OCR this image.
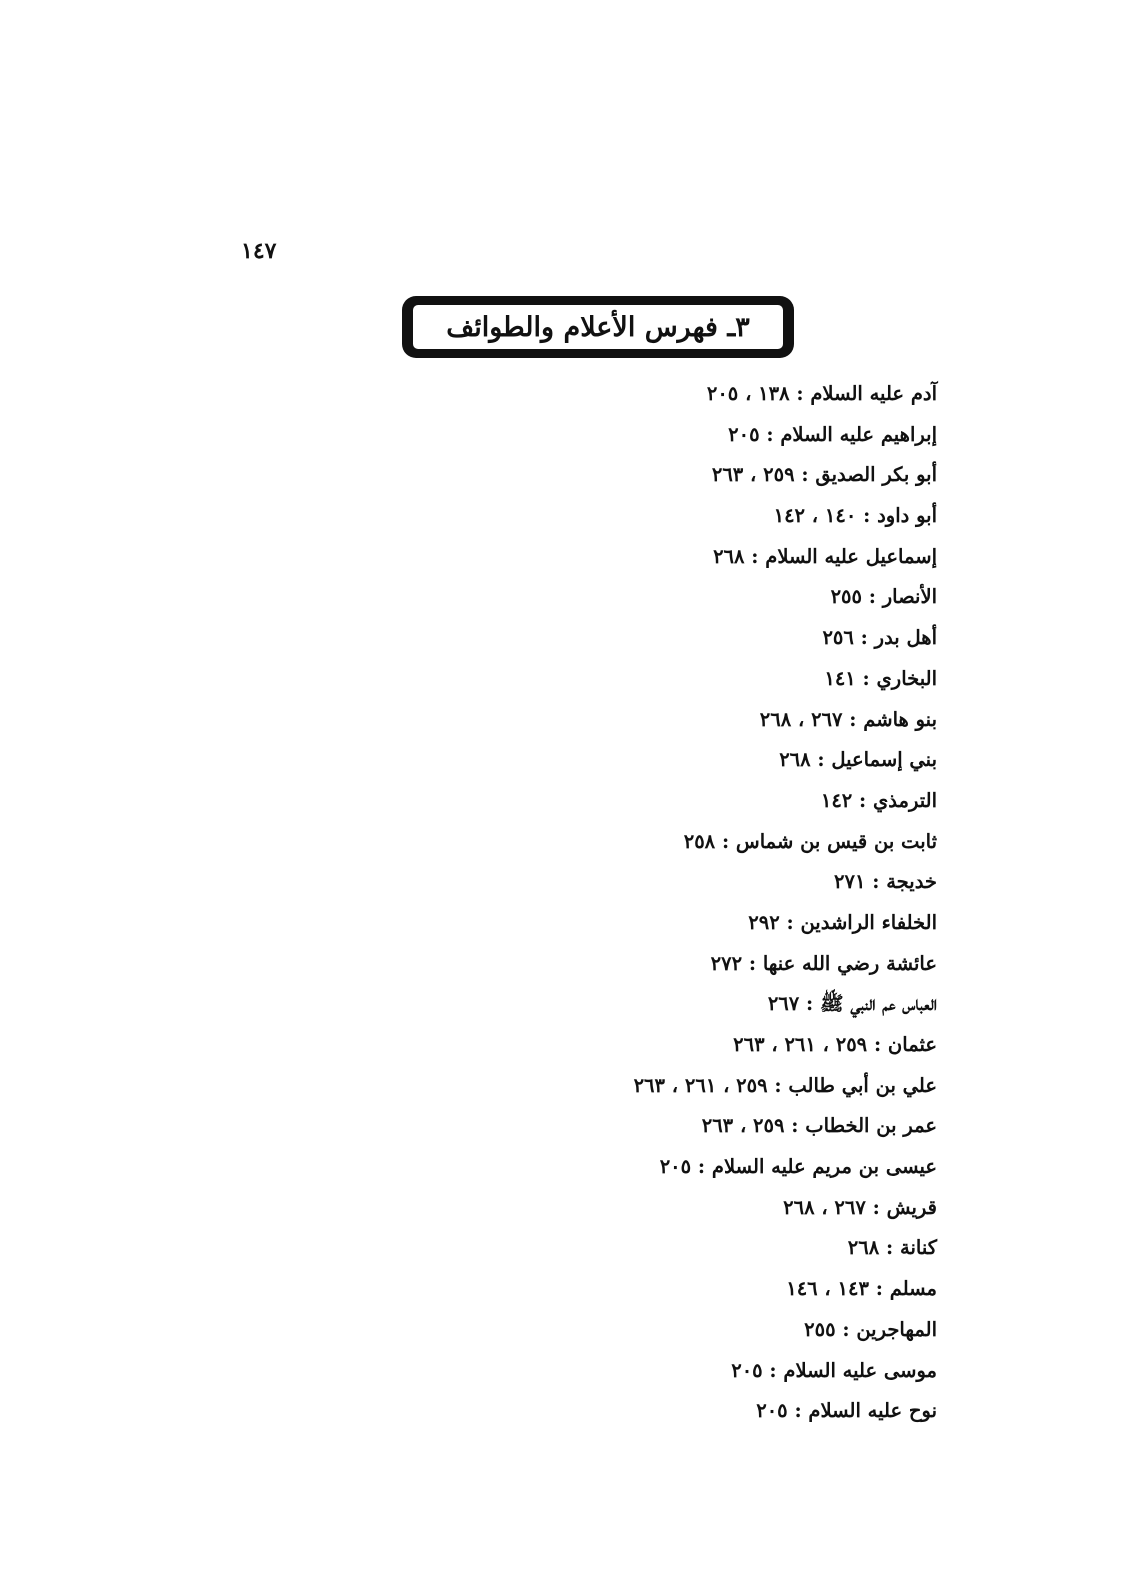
١٤٧
٣ـ فهرس الأعلام والطوائف
آدم عليه السلام : ١٣٨ ، ٢٠٥
إبراهيم عليه السلام : ٢٠٥
أبو بكر الصديق : ٢٥٩ ، ٢٦٣
أبو داود : ١٤٠ ، ١٤٢
إسماعيل عليه السلام : ٢٦٨
الأنصار : ٢٥٥
أهل بدر : ٢٥٦
البخاري : ١٤١
بنو هاشم : ٢٦٧ ، ٢٦٨
بني إسماعيل : ٢٦٨
الترمذي : ١٤٢
ثابت بن قيس بن شماس : ٢٥٨
خديجة : ٢٧١
الخلفاء الراشدين : ٢٩٢
عائشة رضي الله عنها : ٢٧٢
العباس عم النبي ﷺ : ٢٦٧
عثمان : ٢٥٩ ، ٢٦١ ، ٢٦٣
علي بن أبي طالب : ٢٥٩ ، ٢٦١ ، ٢٦٣
عمر بن الخطاب : ٢٥٩ ، ٢٦٣
عيسى بن مريم عليه السلام : ٢٠٥
قريش : ٢٦٧ ، ٢٦٨
كنانة : ٢٦٨
مسلم : ١٤٣ ، ١٤٦
المهاجرين : ٢٥٥
موسى عليه السلام : ٢٠٥
نوح عليه السلام : ٢٠٥
